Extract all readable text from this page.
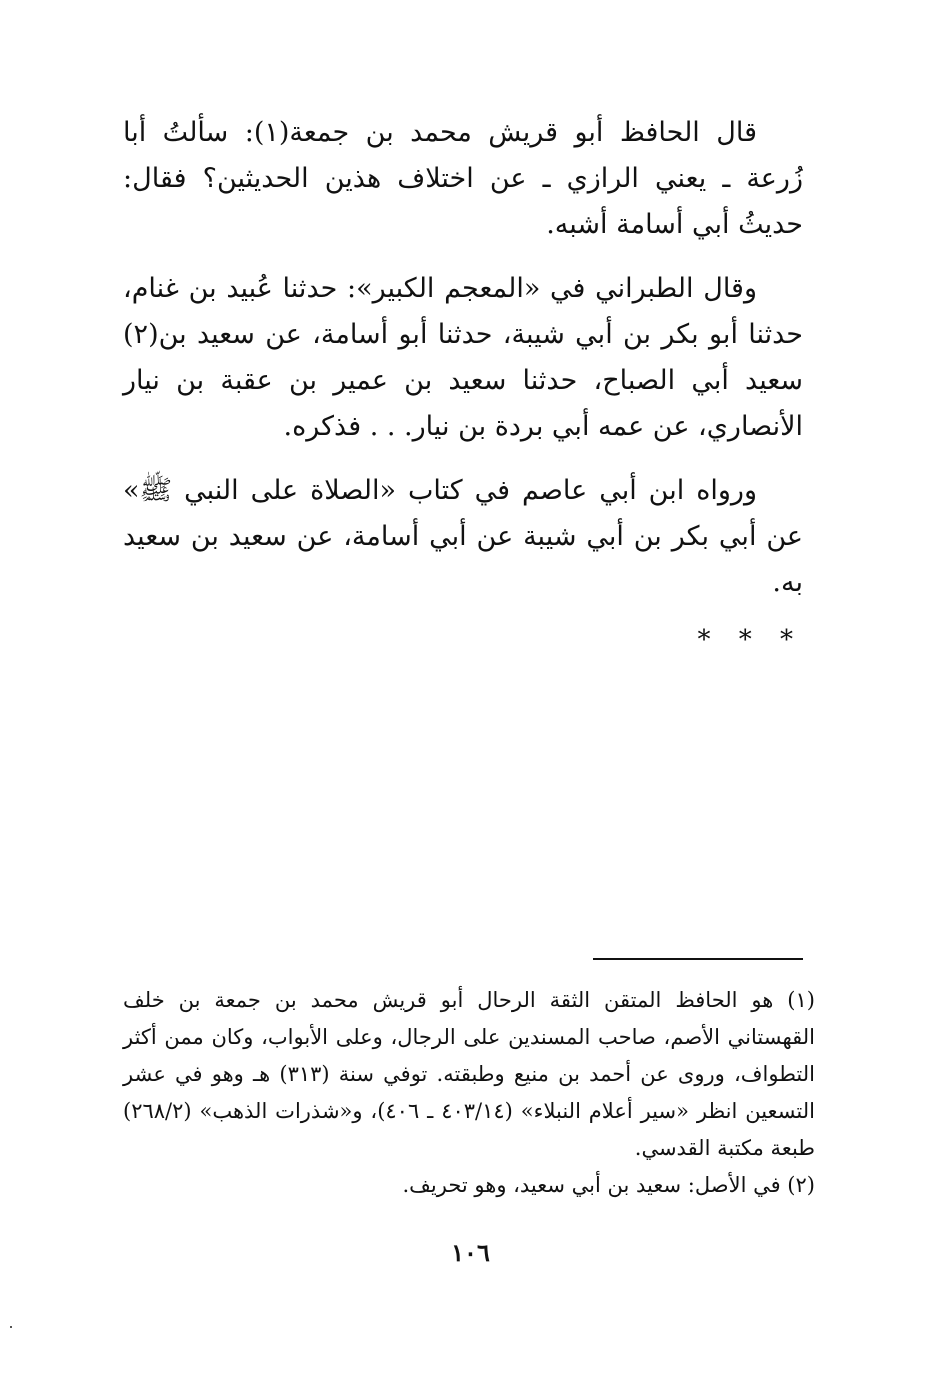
قال الحافظ أبو قريش محمد بن جمعة(١): سألتُ أبا زُرعة ـ يعني الرازي ـ عن اختلاف هذين الحديثين؟ فقال: حديثُ أبي أسامة أشبه.

وقال الطبراني في «المعجم الكبير»: حدثنا عُبيد بن غنام، حدثنا أبو بكر بن أبي شيبة، حدثنا أبو أسامة، عن سعيد بن(٢) سعيد أبي الصباح، حدثنا سعيد بن عمير بن عقبة بن نيار الأنصاري، عن عمه أبي بردة بن نيار. . . فذكره.

ورواه ابن أبي عاصم في كتاب «الصلاة على النبي ﷺ» عن أبي بكر بن أبي شيبة عن أبي أسامة، عن سعيد بن سعيد به.

* * *

(١) هو الحافظ المتقن الثقة الرحال أبو قريش محمد بن جمعة بن خلف القهستاني الأصم، صاحب المسندين على الرجال، وعلى الأبواب، وكان ممن أكثر التطواف، وروى عن أحمد بن منيع وطبقته. توفي سنة (٣١٣) هـ وهو في عشر التسعين انظر «سير أعلام النبلاء» (٤٠٣/١٤ ـ ٤٠٦)، و«شذرات الذهب» (٢٦٨/٢) طبعة مكتبة القدسي.

(٢) في الأصل: سعيد بن أبي سعيد، وهو تحريف.

١٠٦
